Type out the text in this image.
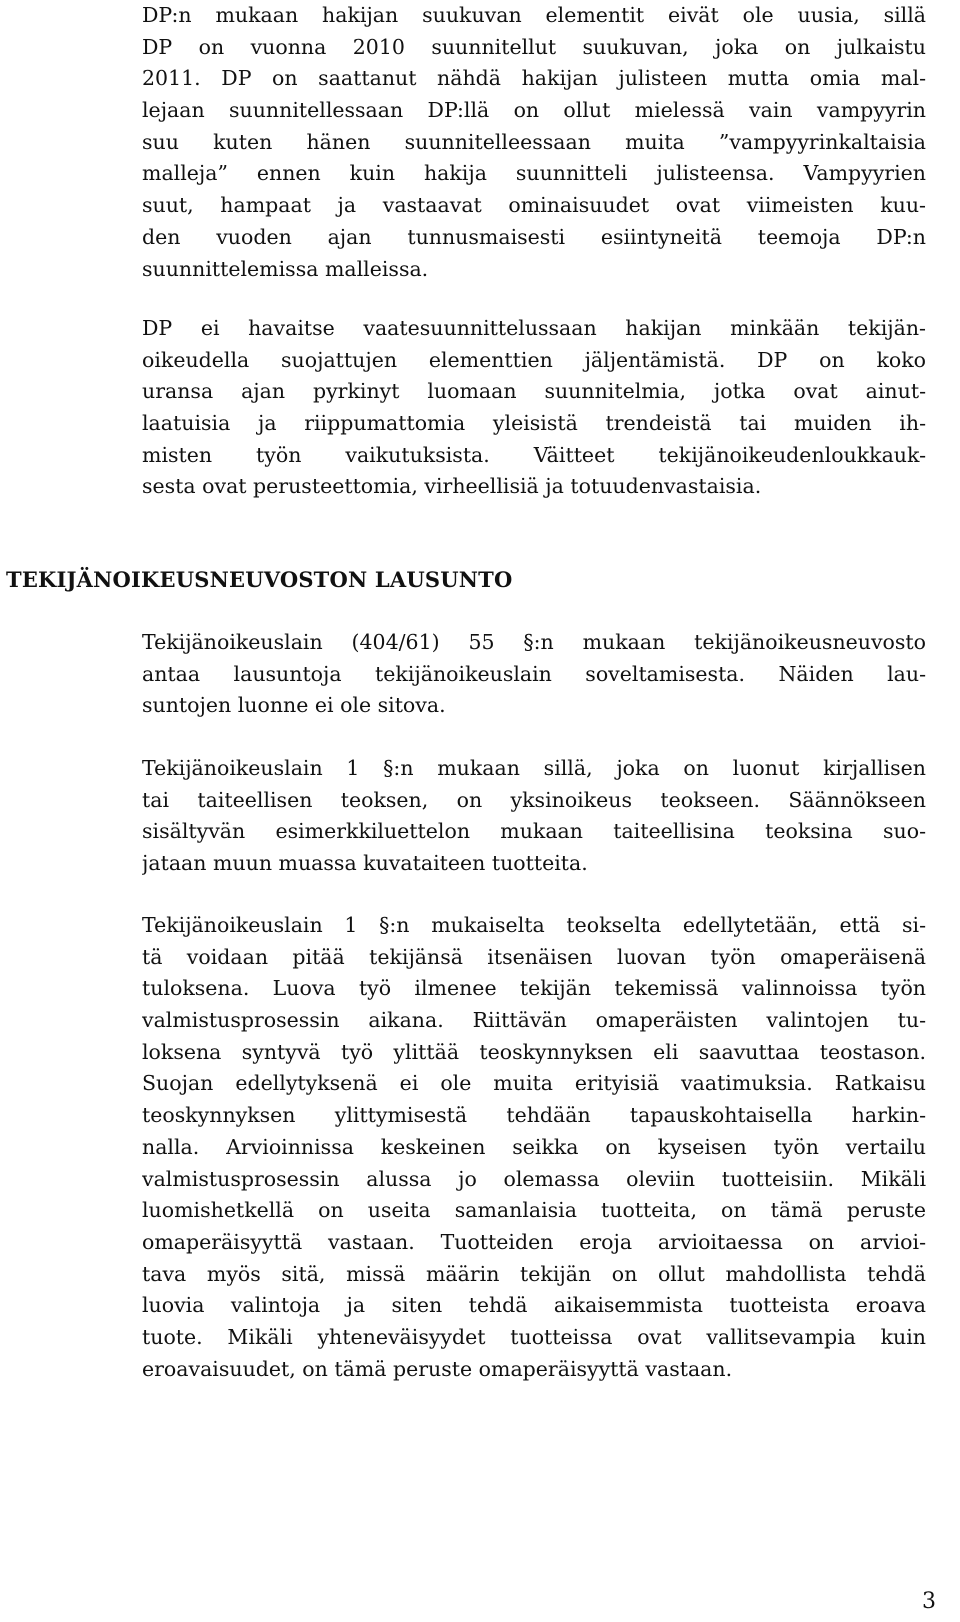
DP:n mukaan hakijan suukuvan elementit eivät ole uusia, sillä
DP on vuonna 2010 suunnitellut suukuvan, joka on julkaistu
2011. DP on saattanut nähdä hakijan julisteen mutta omia mal-
lejaan suunnitellessaan DP:llä on ollut mielessä vain vampyyrin
suu kuten hänen suunnitelleessaan muita ”vampyyrinkaltaisia
malleja” ennen kuin hakija suunnitteli julisteensa. Vampyyrien
suut, hampaat ja vastaavat ominaisuudet ovat viimeisten kuu-
den vuoden ajan tunnusmaisesti esiintyneitä teemoja DP:n
suunnittelemissa malleissa.
DP ei havaitse vaatesuunnittelussaan hakijan minkään tekijän-
oikeudella suojattujen elementtien jäljentämistä. DP on koko
uransa ajan pyrkinyt luomaan suunnitelmia, jotka ovat ainut-
laatuisia ja riippumattomia yleisistä trendeistä tai muiden ih-
misten työn vaikutuksista. Väitteet tekijänoikeudenloukkauk-
sesta ovat perusteettomia, virheellisiä ja totuudenvastaisia.
TEKIJÄNOIKEUSNEUVOSTON LAUSUNTO
Tekijänoikeuslain (404/61) 55 §:n mukaan tekijänoikeusneuvosto
antaa lausuntoja tekijänoikeuslain soveltamisesta. Näiden lau-
suntojen luonne ei ole sitova.
Tekijänoikeuslain 1 §:n mukaan sillä, joka on luonut kirjallisen
tai taiteellisen teoksen, on yksinoikeus teokseen. Säännökseen
sisältyvän esimerkkiluettelon mukaan taiteellisina teoksina suo-
jataan muun muassa kuvataiteen tuotteita.
Tekijänoikeuslain 1 §:n mukaiselta teokselta edellytetään, että si-
tä voidaan pitää tekijänsä itsenäisen luovan työn omaperäisenä
tuloksena. Luova työ ilmenee tekijän tekemissä valinnoissa työn
valmistusprosessin aikana. Riittävän omaperäisten valintojen tu-
loksena syntyvä työ ylittää teoskynnyksen eli saavuttaa teostason.
Suojan edellytyksenä ei ole muita erityisiä vaatimuksia. Ratkaisu
teoskynnyksen ylittymisestä tehdään tapauskohtaisella harkin-
nalla. Arvioinnissa keskeinen seikka on kyseisen työn vertailu
valmistusprosessin alussa jo olemassa oleviin tuotteisiin. Mikäli
luomishetkellä on useita samanlaisia tuotteita, on tämä peruste
omaperäisyyttä vastaan. Tuotteiden eroja arvioitaessa on arvioi-
tava myös sitä, missä määrin tekijän on ollut mahdollista tehdä
luovia valintoja ja siten tehdä aikaisemmista tuotteista eroava
tuote. Mikäli yhteneväisyydet tuotteissa ovat vallitsevampia kuin
eroavaisuudet, on tämä peruste omaperäisyyttä vastaan.
3
